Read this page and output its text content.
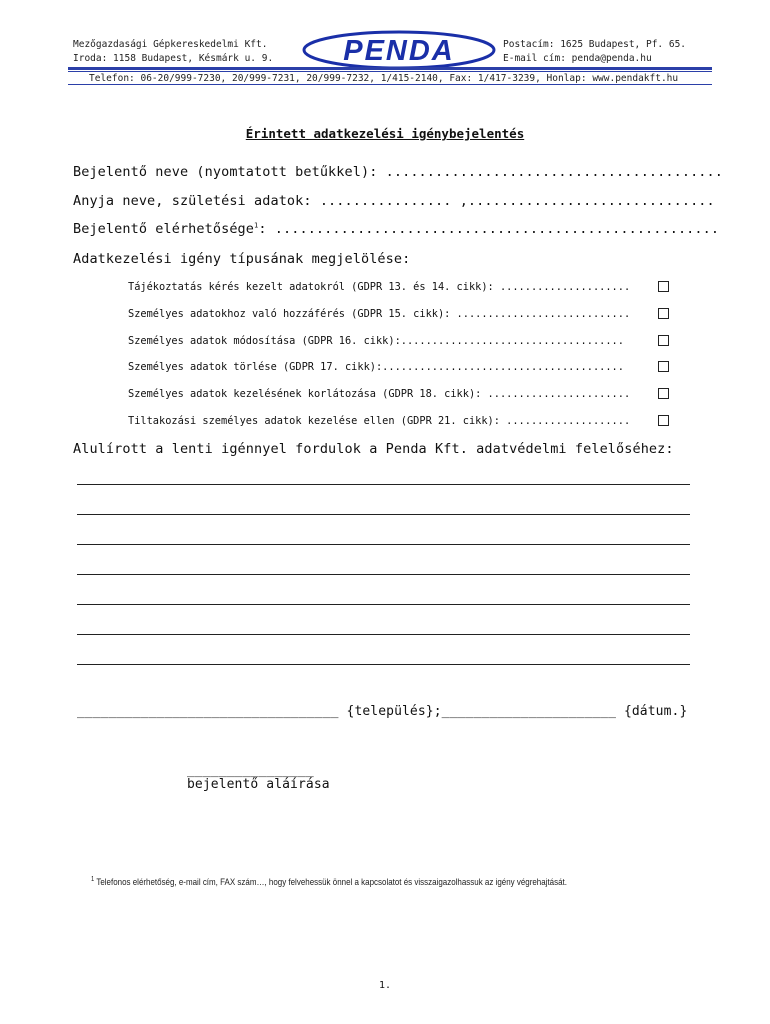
Mezőgazdasági Gépkereskedelmi Kft.
Iroda: 1158 Budapest, Késmárk u. 9.
Postacím: 1625 Budapest, Pf. 65.
E-mail cím: penda@penda.hu
PENDA
Telefon: 06-20/999-7230, 20/999-7231, 20/999-7232, 1/415-2140, Fax: 1/417-3239, Honlap: www.pendakft.hu
Érintett adatkezelési igénybejelentés
Bejelentő neve (nyomtatott betűkkel): .........................................
Anyja neve, születési adatok: ................ ,..............................
Bejelentő elérhetősége$^1$: ......................................................
Adatkezelési igény típusának megjelölése:
Tájékoztatás kérés kezelt adatokról (GDPR 13. és 14. cikk): .....................
Személyes adatokhoz való hozzáférés (GDPR 15. cikk): ............................
Személyes adatok módosítása (GDPR 16. cikk):....................................
Személyes adatok törlése (GDPR 17. cikk):.......................................
Személyes adatok kezelésének korlátozása (GDPR 18. cikk): .......................
Tiltakozási személyes adatok kezelése ellen (GDPR 21. cikk): ....................
Alulírott a lenti igénnyel fordulok a Penda Kft. adatvédelmi felelőséhez:
_________________________________ {település};______________________ {dátum.}
________________
bejelentő aláírása
$^1$ Telefonos elérhetőség, e-mail cím, FAX szám…, hogy felvehessük önnel a kapcsolatot és visszaigazolhassuk az igény végrehajtását.
1.
